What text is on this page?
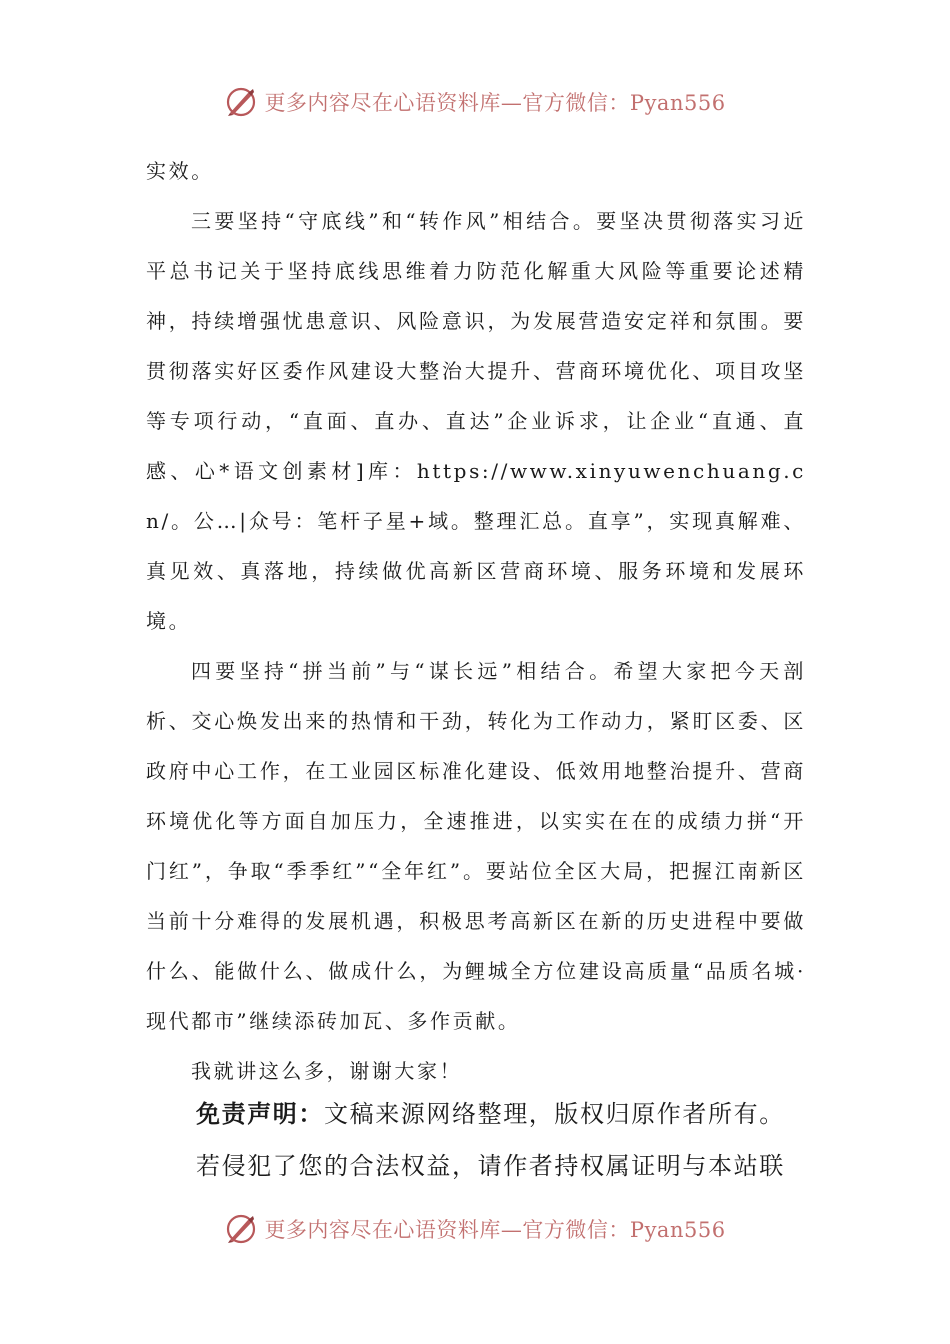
更多内容尽在心语资料库—官方微信：Pyan556

实效。

三要坚持“守底线”和“转作风”相结合。要坚决贯彻落实习近平总书记关于坚持底线思维着力防范化解重大风险等重要论述精神，持续增强忧患意识、风险意识，为发展营造安定祥和氛围。要贯彻落实好区委作风建设大整治大提升、营商环境优化、项目攻坚等专项行动，“直面、直办、直达”企业诉求，让企业“直通、直感、心*语文创素材]库：https://www.xinyuwenchuang.cn/。公…|众号：笔杆子星+域。整理汇总。直享”，实现真解难、真见效、真落地，持续做优高新区营商环境、服务环境和发展环境。

四要坚持“拼当前”与“谋长远”相结合。希望大家把今天剖析、交心焕发出来的热情和干劲，转化为工作动力，紧盯区委、区政府中心工作，在工业园区标准化建设、低效用地整治提升、营商环境优化等方面自加压力，全速推进，以实实在在的成绩力拼“开门红”，争取“季季红”“全年红”。要站位全区大局，把握江南新区当前十分难得的发展机遇，积极思考高新区在新的历史进程中要做什么、能做什么、做成什么，为鲤城全方位建设高质量“品质名城·现代都市”继续添砖加瓦、多作贡献。

我就讲这么多，谢谢大家！

免责声明：文稿来源网络整理，版权归原作者所有。

若侵犯了您的合法权益，请作者持权属证明与本站联

更多内容尽在心语资料库—官方微信：Pyan556
